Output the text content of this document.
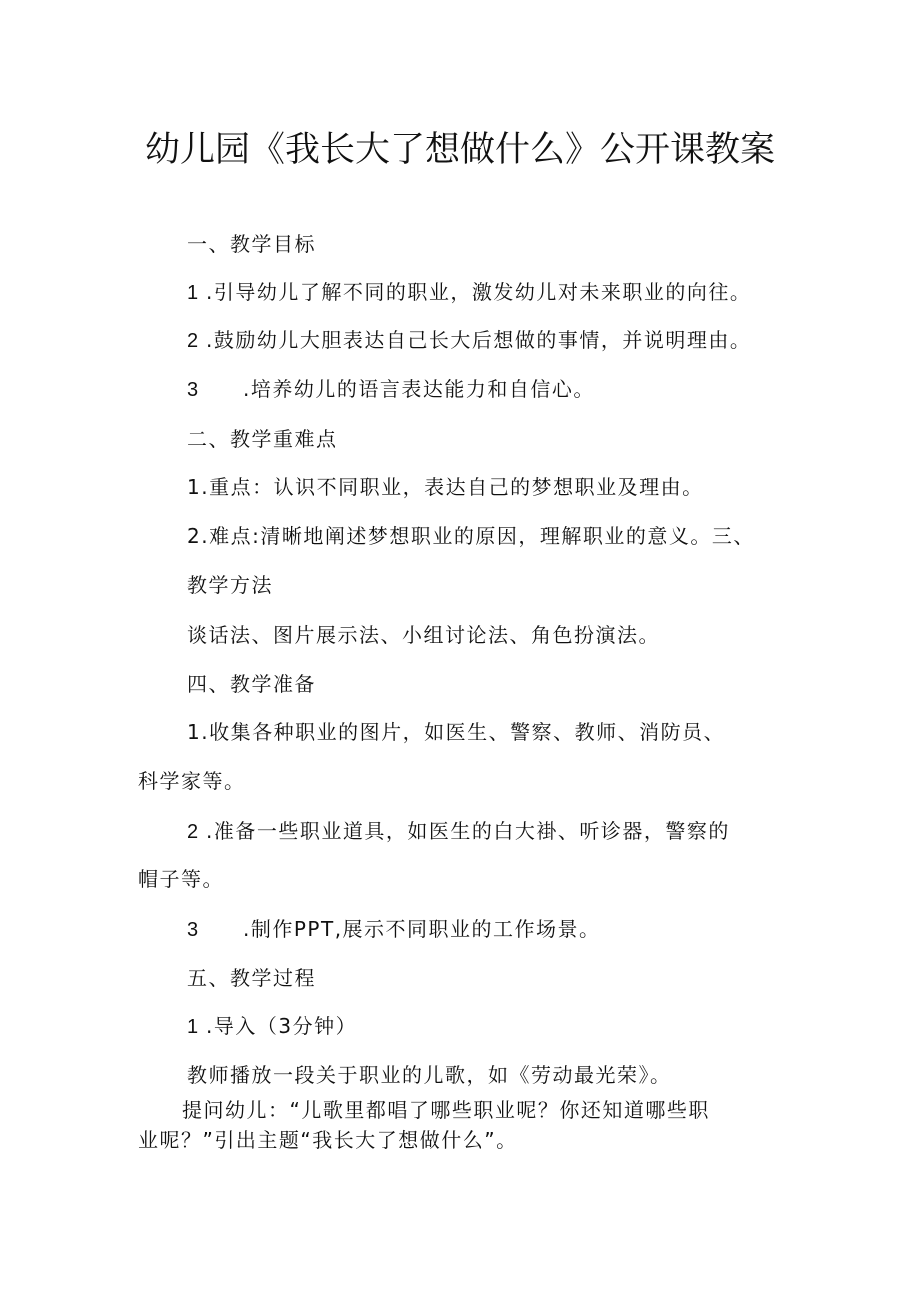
幼儿园《我长大了想做什么》公开课教案
一、教学目标
1 .引导幼儿了解不同的职业，激发幼儿对未来职业的向往。
2 .鼓励幼儿大胆表达自己长大后想做的事情，并说明理由。
3 .培养幼儿的语言表达能力和自信心。
二、教学重难点
1.重点：认识不同职业，表达自己的梦想职业及理由。
2.难点:清晰地阐述梦想职业的原因，理解职业的意义。三、
教学方法
谈话法、图片展示法、小组讨论法、角色扮演法。
四、教学准备
1.收集各种职业的图片，如医生、警察、教师、消防员、
科学家等。
2 .准备一些职业道具，如医生的白大褂、听诊器，警察的
帽子等。
3 .制作PPT,展示不同职业的工作场景。
五、教学过程
1 .导入（3分钟）
教师播放一段关于职业的儿歌，如《劳动最光荣》。
提问幼儿：“儿歌里都唱了哪些职业呢？你还知道哪些职
业呢？”引出主题“我长大了想做什么”。
